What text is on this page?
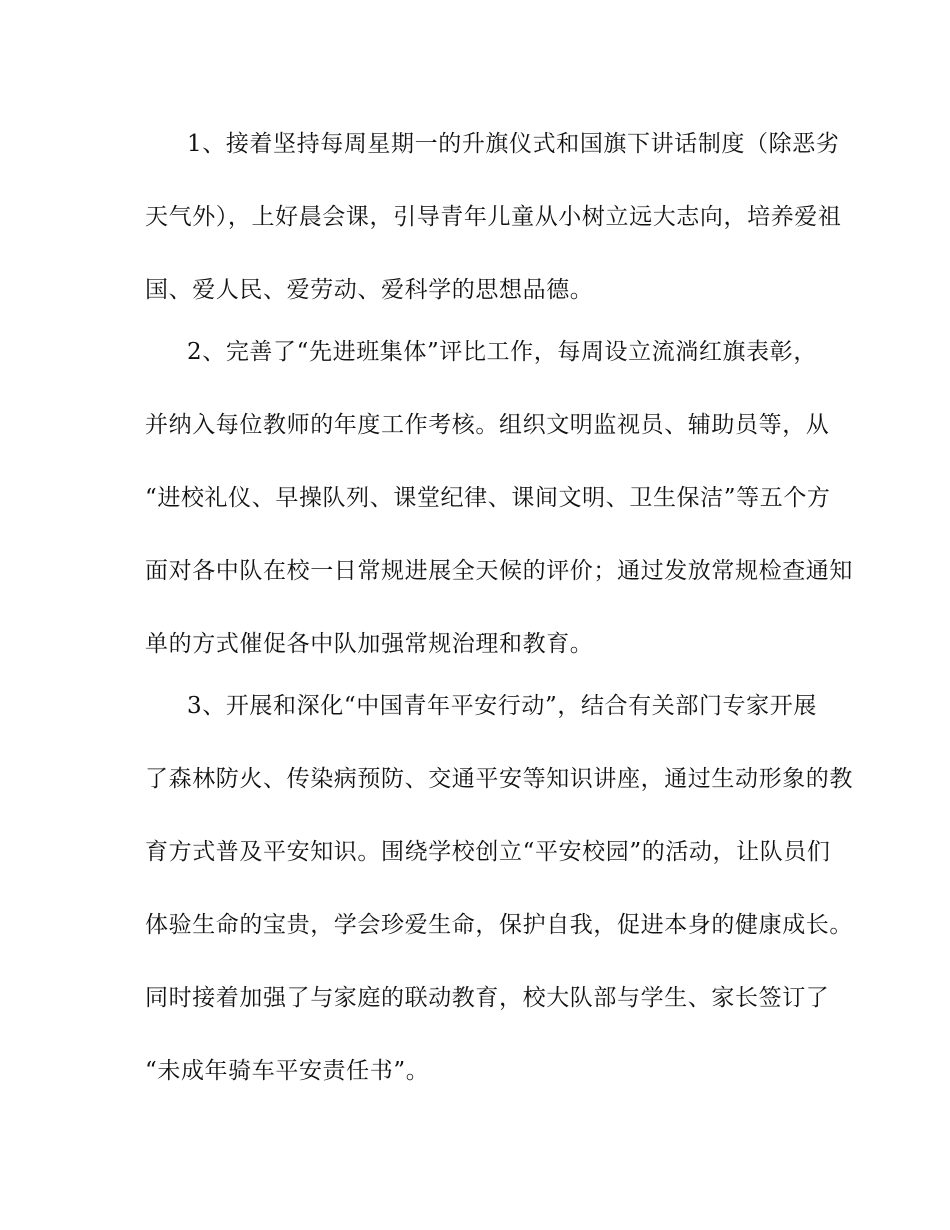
1、接着坚持每周星期一的升旗仪式和国旗下讲话制度（除恶劣
天气外），上好晨会课，引导青年儿童从小树立远大志向，培养爱祖
国、爱人民、爱劳动、爱科学的思想品德。
2、完善了“先进班集体”评比工作，每周设立流淌红旗表彰，
并纳入每位教师的年度工作考核。组织文明监视员、辅助员等，从
“进校礼仪、早操队列、课堂纪律、课间文明、卫生保洁”等五个方
面对各中队在校一日常规进展全天候的评价；通过发放常规检查通知
单的方式催促各中队加强常规治理和教育。
3、开展和深化“中国青年平安行动”，结合有关部门专家开展
了森林防火、传染病预防、交通平安等知识讲座，通过生动形象的教
育方式普及平安知识。围绕学校创立“平安校园”的活动，让队员们
体验生命的宝贵，学会珍爱生命，保护自我，促进本身的健康成长。
同时接着加强了与家庭的联动教育，校大队部与学生、家长签订了
“未成年骑车平安责任书”。
